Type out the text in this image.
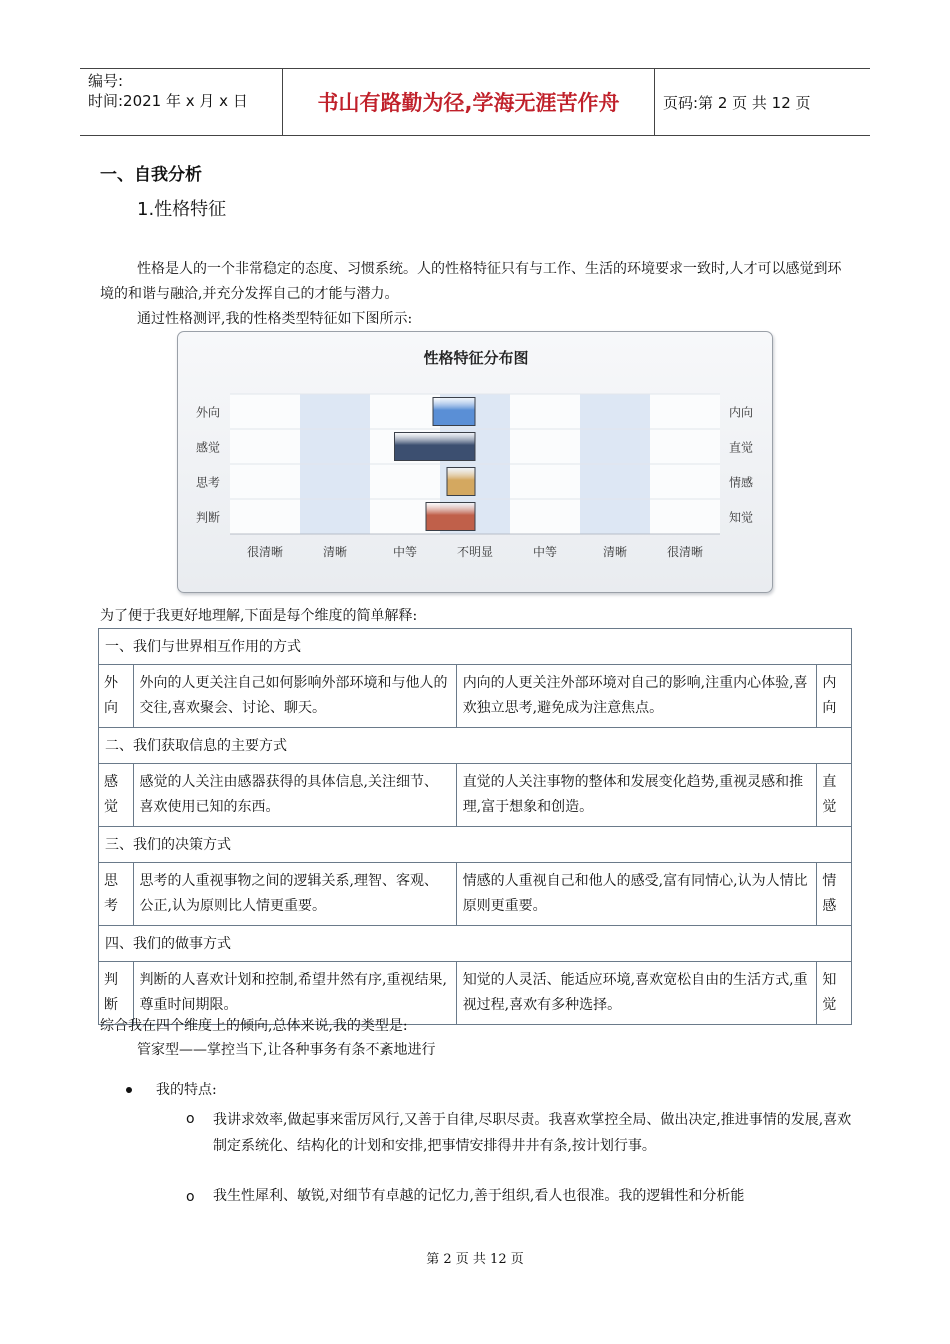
编号:
时间:2021 年 x 月 x 日	书山有路勤为径,学海无涯苦作舟	页码:第 2 页 共 12 页
一、自我分析
1.性格特征
性格是人的一个非常稳定的态度、习惯系统。人的性格特征只有与工作、生活的环境要求一致时,人才可以感觉到环境的和谐与融洽,并充分发挥自己的才能与潜力。
通过性格测评,我的性格类型特征如下图所示:
性格特征分布图
外向	内向
感觉	直觉
思考	情感
判断	知觉
很清晰	清晰	中等	不明显	中等	清晰	很清晰
为了便于我更好地理解,下面是每个维度的简单解释:
一、我们与世界相互作用的方式			
外向	外向的人更关注自己如何影响外部环境和与他人的交往,喜欢聚会、讨论、聊天。	内向的人更关注外部环境对自己的影响,注重内心体验,喜欢独立思考,避免成为注意焦点。	内向
二、我们获取信息的主要方式			
感觉	感觉的人关注由感器获得的具体信息,关注细节、喜欢使用已知的东西。	直觉的人关注事物的整体和发展变化趋势,重视灵感和推理,富于想象和创造。	直觉
三、我们的决策方式			
思考	思考的人重视事物之间的逻辑关系,理智、客观、公正,认为原则比人情更重要。	情感的人重视自己和他人的感受,富有同情心,认为人情比原则更重要。	情感
四、我们的做事方式			
判断	判断的人喜欢计划和控制,希望井然有序,重视结果,尊重时间期限。	知觉的人灵活、能适应环境,喜欢宽松自由的生活方式,重视过程,喜欢有多种选择。	知觉
综合我在四个维度上的倾向,总体来说,我的类型是:
管家型——掌控当下,让各种事务有条不紊地进行
我的特点:
o 我讲求效率,做起事来雷厉风行,又善于自律,尽职尽责。我喜欢掌控全局、做出决定,推进事情的发展,喜欢制定系统化、结构化的计划和安排,把事情安排得井井有条,按计划行事。
o 我生性犀利、敏锐,对细节有卓越的记忆力,善于组织,看人也很准。我的逻辑性和分析能
第 2 页 共 12 页
